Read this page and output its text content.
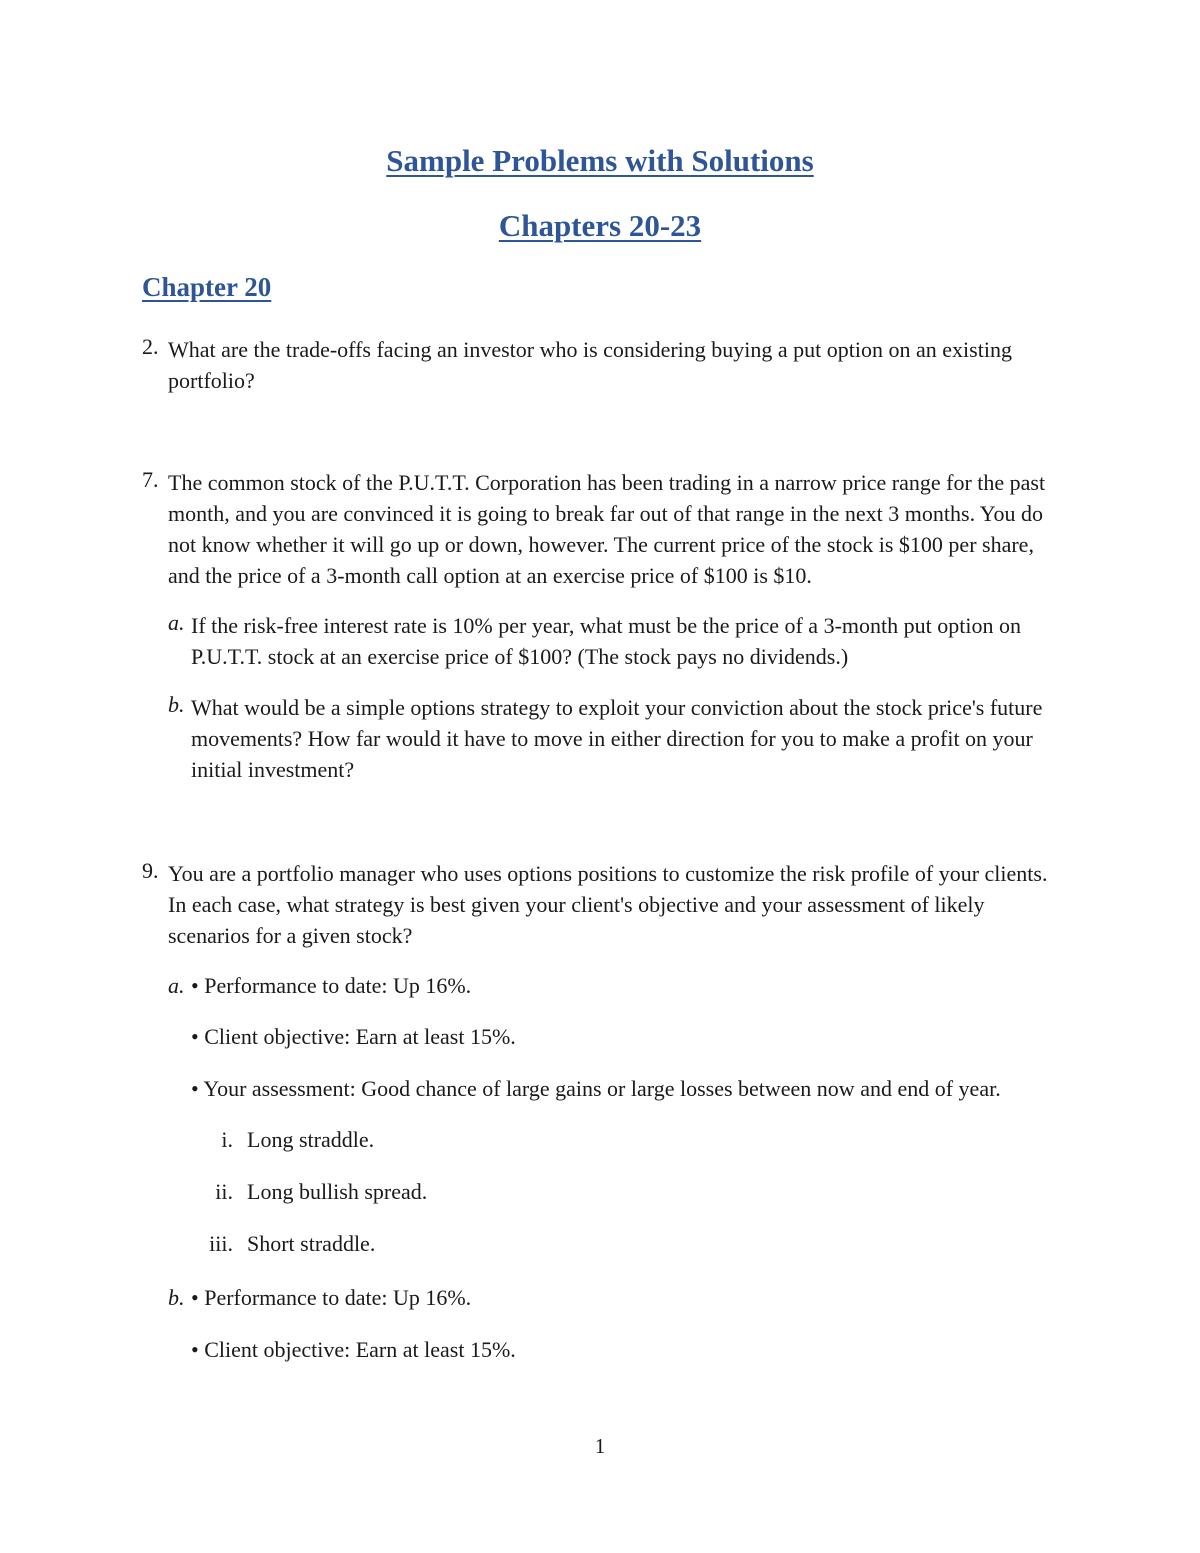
Sample Problems with Solutions
Chapters 20-23
Chapter 20
2. What are the trade-offs facing an investor who is considering buying a put option on an existing portfolio?
7. The common stock of the P.U.T.T. Corporation has been trading in a narrow price range for the past month, and you are convinced it is going to break far out of that range in the next 3 months. You do not know whether it will go up or down, however. The current price of the stock is $100 per share, and the price of a 3-month call option at an exercise price of $100 is $10.
a. If the risk-free interest rate is 10% per year, what must be the price of a 3-month put option on P.U.T.T. stock at an exercise price of $100? (The stock pays no dividends.)
b. What would be a simple options strategy to exploit your conviction about the stock price's future movements? How far would it have to move in either direction for you to make a profit on your initial investment?
9. You are a portfolio manager who uses options positions to customize the risk profile of your clients. In each case, what strategy is best given your client's objective and your assessment of likely scenarios for a given stock?
a. • Performance to date: Up 16%.
• Client objective: Earn at least 15%.
• Your assessment: Good chance of large gains or large losses between now and end of year.
i. Long straddle.
ii. Long bullish spread.
iii. Short straddle.
b. • Performance to date: Up 16%.
• Client objective: Earn at least 15%.
1
